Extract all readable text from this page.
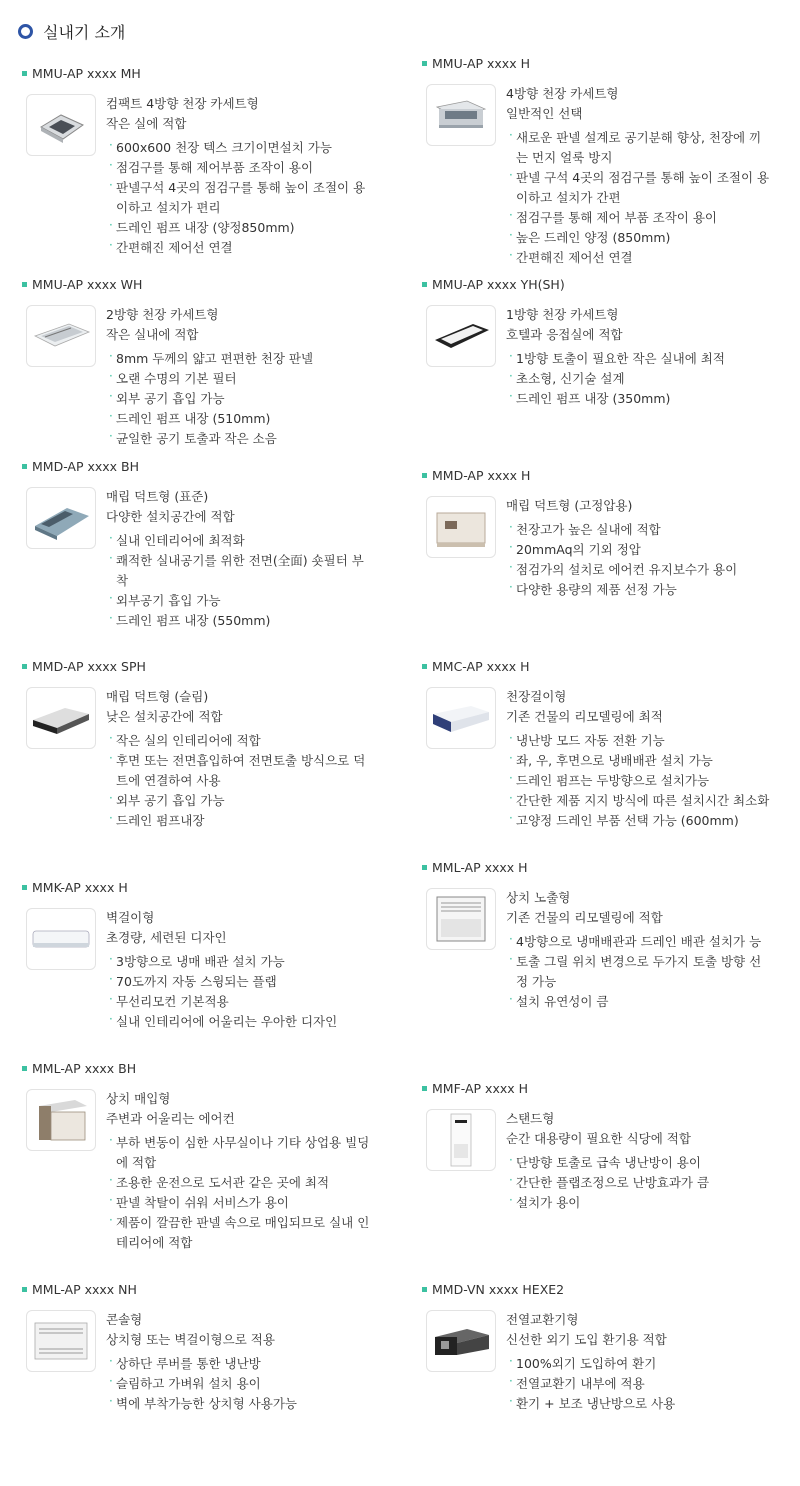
실내기 소개
MMU-AP xxxx MH
컴팩트 4방향 천장 카세트형
작은 실에 적합
· 600x600 천장 텍스 크기이면설치 가능
· 점검구를 통해 제어부품 조작이 용이
· 판넬구석 4곳의 점검구를 통해 높이 조절이 용이하고 설치가 편리
· 드레인 펌프 내장 (양정850mm)
· 간편해진 제어선 연결
MMU-AP xxxx H
4방향 천장 카세트형
일반적인 선택
· 새로운 판넬 설계로 공기분해 향상, 천장에 끼는 먼지 얼룩 방지
· 판넬 구석 4곳의 점검구를 통해 높이 조절이 용이하고 설치가 간편
· 점검구를 통해 제어 부품 조작이 용이
· 높은 드레인 양정 (850mm)
· 간편해진 제어선 연결
MMU-AP xxxx WH
2방향 천장 카세트형
작은 실내에 적합
· 8mm 두께의 얇고 편편한 천장 판넬
· 오랜 수명의 기본 필터
· 외부 공기 흡입 가능
· 드레인 펌프 내장 (510mm)
· 균일한 공기 토출과 작은 소음
MMU-AP xxxx YH(SH)
1방향 천장 카세트형
호텔과 응접실에 적합
· 1방향 토출이 필요한 작은 실내에 최적
· 초소형, 신기술 설계
· 드레인 펌프 내장 (350mm)
MMD-AP xxxx BH
매립 덕트형 (표준)
다양한 설치공간에 적합
· 실내 인테리어에 최적화
· 쾌적한 실내공기를 위한 전면(全面) 숏필터 부착
· 외부공기 흡입 가능
· 드레인 펌프 내장 (550mm)
MMD-AP xxxx H
매립 덕트형 (고정압용)
· 천장고가 높은 실내에 적합
· 20mmAq의 기외 정압
· 점검가의 설치로 에어컨 유지보수가 용이
· 다양한 용량의 제품 선정 가능
MMD-AP xxxx SPH
매립 덕트형 (슬림)
낮은 설치공간에 적합
· 작은 실의 인테리어에 적합
· 후면 또는 전면흡입하여 전면토출 방식으로 덕트에 연결하여 사용
· 외부 공기 흡입 가능
· 드레인 펌프내장
MMC-AP xxxx H
천장걸이형
기존 건물의 리모델링에 최적
· 냉난방 모드 자동 전환 기능
· 좌, 우, 후면으로 냉배배관 설치 가능
· 드레인 펌프는 두방향으로 설치가능
· 간단한 제품 지지 방식에 따른 설치시간 최소화
· 고양정 드레인 부품 선택 가능 (600mm)
MMK-AP xxxx H
벽걸이형
초경량, 세련된 디자인
· 3방향으로 냉매 배관 설치 가능
· 70도까지 자동 스윙되는 플랩
· 무선리모컨 기본적용
· 실내 인테리어에 어울리는 우아한 디자인
MML-AP xxxx H
상치 노출형
기존 건물의 리모델링에 적합
· 4방향으로 냉매배관과 드레인 배관 설치가 능
· 토출 그릴 위치 변경으로 두가지 토출 방향 선정 가능
· 설치 유연성이 큼
MML-AP xxxx BH
상치 매입형
주변과 어울리는 에어컨
· 부하 변동이 심한 사무실이나 기타 상업용 빌딩에 적합
· 조용한 운전으로 도서관 같은 곳에 최적
· 판넬 착탈이 쉬워 서비스가 용이
· 제품이 깔끔한 판넬 속으로 매입되므로 실내 인테리어에 적합
MMF-AP xxxx H
스탠드형
순간 대용량이 필요한 식당에 적합
· 단방향 토출로 급속 냉난방이 용이
· 간단한 플랩조정으로 난방효과가 큼
· 설치가 용이
MML-AP xxxx NH
콘솔형
상치형 또는 벽걸이형으로 적용
· 상하단 루버를 통한 냉난방
· 슬림하고 가벼워 설치 용이
· 벽에 부착가능한 상치형 사용가능
MMD-VN xxxx HEXE2
전열교환기형
신선한 외기 도입 환기용 적합
· 100%외기 도입하여 환기
· 전열교환기 내부에 적용
· 환기 + 보조 냉난방으로 사용
